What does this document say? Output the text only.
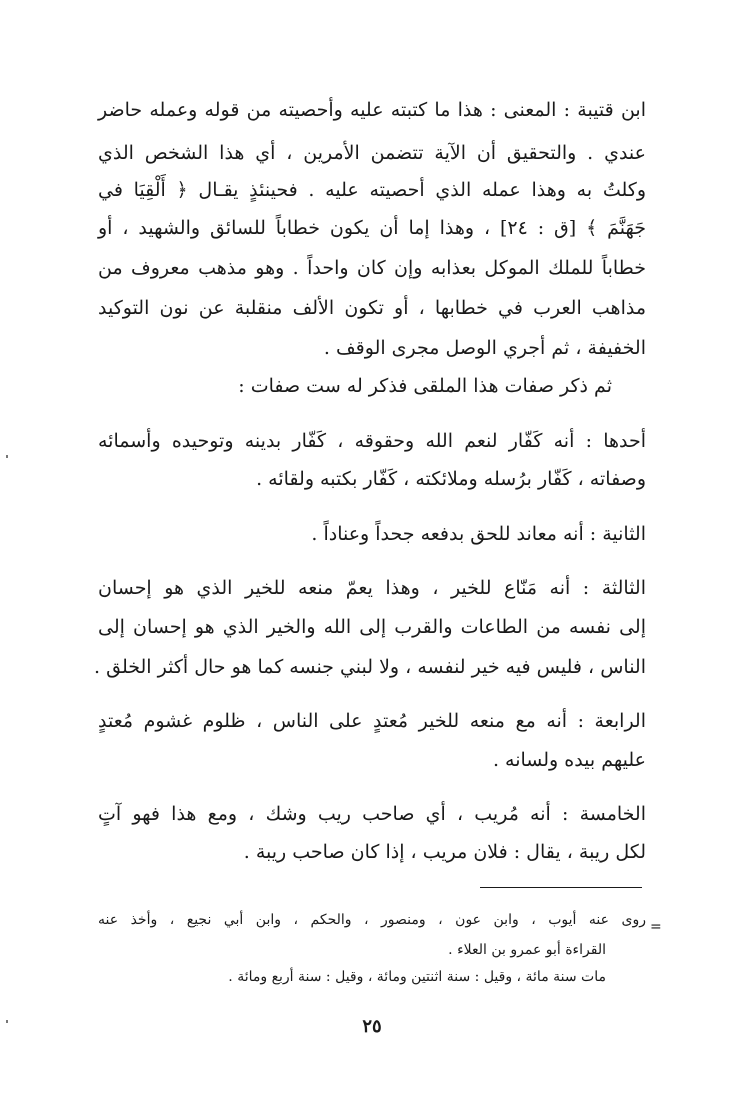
ابن قتيبة : المعنى : هذا ما كتبته عليه وأحصيته من قوله وعمله حاضر
عندي . والتحقيق أن الآية تتضمن الأمرين ، أي هذا الشخص الذي
وكلتُ به وهذا عمله الذي أحصيته عليه . فحينئذٍ يقـال ﴿ أَلْقِيَا في
جَهَنَّمَ ﴾ [ق : ٢٤] ، وهذا إما أن يكون خطاباً للسائق والشهيد ، أو
خطاباً للملك الموكل بعذابه وإن كان واحداً . وهو مذهب معروف من
مذاهب العرب في خطابها ، أو تكون الألف منقلبة عن نون التوكيد
الخفيفة ، ثم أجري الوصل مجرى الوقف .
ثم ذكر صفات هذا الملقى فذكر له ست صفات :
أحدها : أنه كَفّار لنعم الله وحقوقه ، كَفّار بدينه وتوحيده وأسمائه
وصفاته ، كَفّار برُسله وملائكته ، كَفّار بكتبه ولقائه .
الثانية : أنه معاند للحق بدفعه جحداً وعناداً .
الثالثة : أنه مَنّاع للخير ، وهذا يعمّ منعه للخير الذي هو إحسان
إلى نفسه من الطاعات والقرب إلى الله والخير الذي هو إحسان إلى
الناس ، فليس فيه خير لنفسه ، ولا لبني جنسه كما هو حال أكثر الخلق .
الرابعة : أنه مع منعه للخير مُعتدٍ على الناس ، ظلوم غشوم مُعتدٍ
عليهم بيده ولسانه .
الخامسة : أنه مُريب ، أي صاحب ريب وشك ، ومع هذا فهو آتٍ
لكل ريبة ، يقال : فلان مريب ، إذا كان صاحب ريبة .
=
روى عنه أيوب ، وابن عون ، ومنصور ، والحكم ، وابن أبي نجيع ، وأخذ عنه
القراءة أبو عمرو بن العلاء .
مات سنة مائة ، وقيل : سنة اثنتين ومائة ، وقيل : سنة أربع ومائة .
٢٥
